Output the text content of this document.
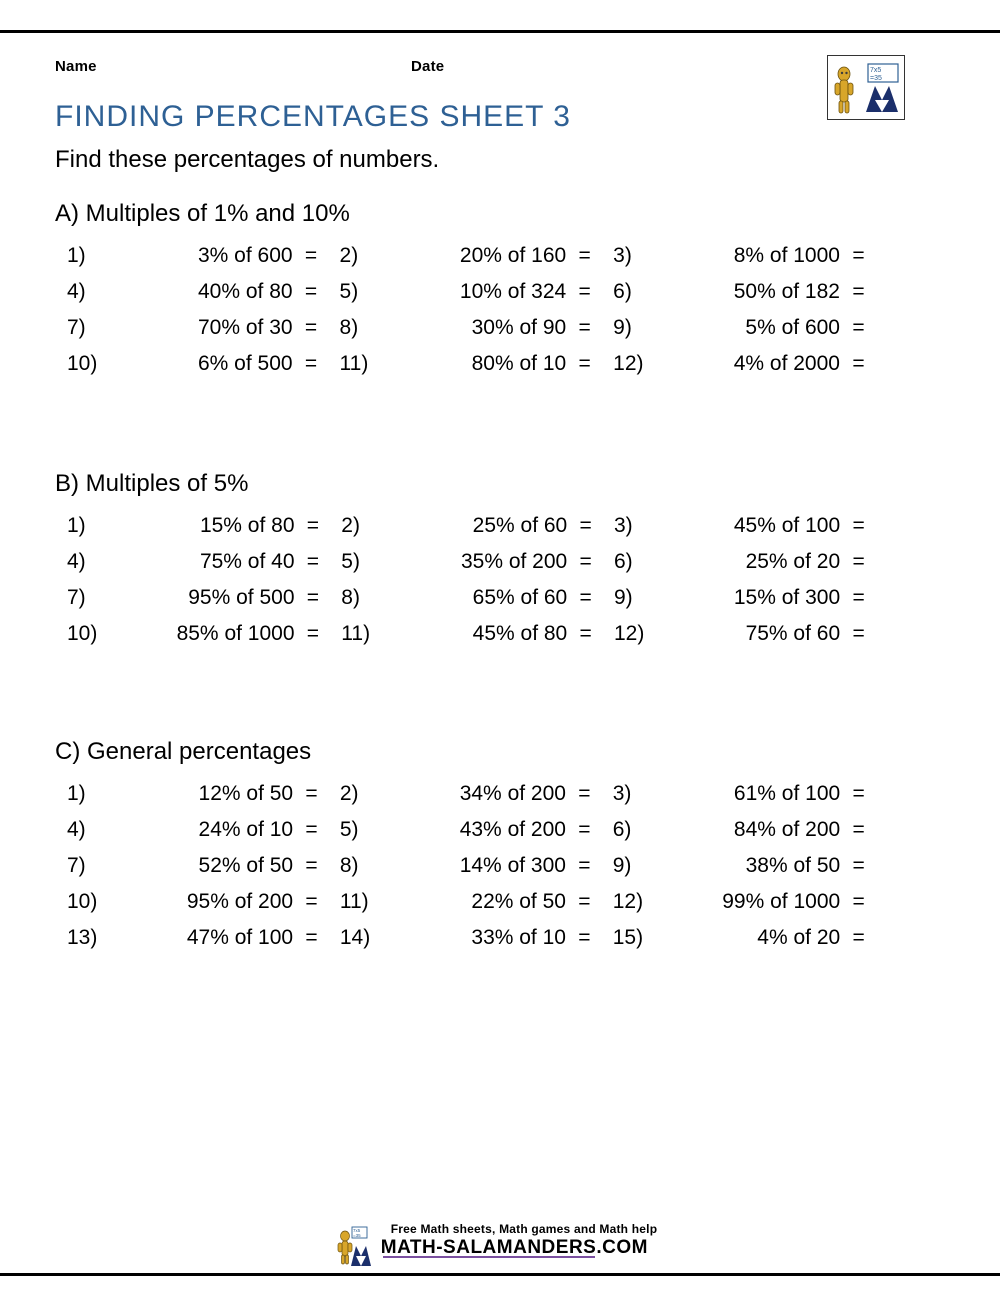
Name	Date	7x5
=35
FINDING PERCENTAGES SHEET 3
Find these percentages of numbers.
A) Multiples of 1% and 10%
1)	3% of 600	=	2)	20% of 160	=	3)	8% of 1000	=
4)	40% of 80	=	5)	10% of 324	=	6)	50% of 182	=
7)	70% of 30	=	8)	30% of 90	=	9)	5% of 600	=
10)	6% of 500	=	11)	80% of 10	=	12)	4% of 2000	=
B) Multiples of 5%
1)	15% of 80	=	2)	25% of 60	=	3)	45% of 100	=
4)	75% of 40	=	5)	35% of 200	=	6)	25% of 20	=
7)	95% of 500	=	8)	65% of 60	=	9)	15% of 300	=
10)	85% of 1000	=	11)	45% of 80	=	12)	75% of 60	=
C) General percentages
1)	12% of 50	=	2)	34% of 200	=	3)	61% of 100	=
4)	24% of 10	=	5)	43% of 200	=	6)	84% of 200	=
7)	52% of 50	=	8)	14% of 300	=	9)	38% of 50	=
10)	95% of 200	=	11)	22% of 50	=	12)	99% of 1000	=
13)	47% of 100	=	14)	33% of 10	=	15)	4% of 20	=
7x5
=35	Free Math sheets, Math games and Math help
MATH-SALAMANDERS.COM
